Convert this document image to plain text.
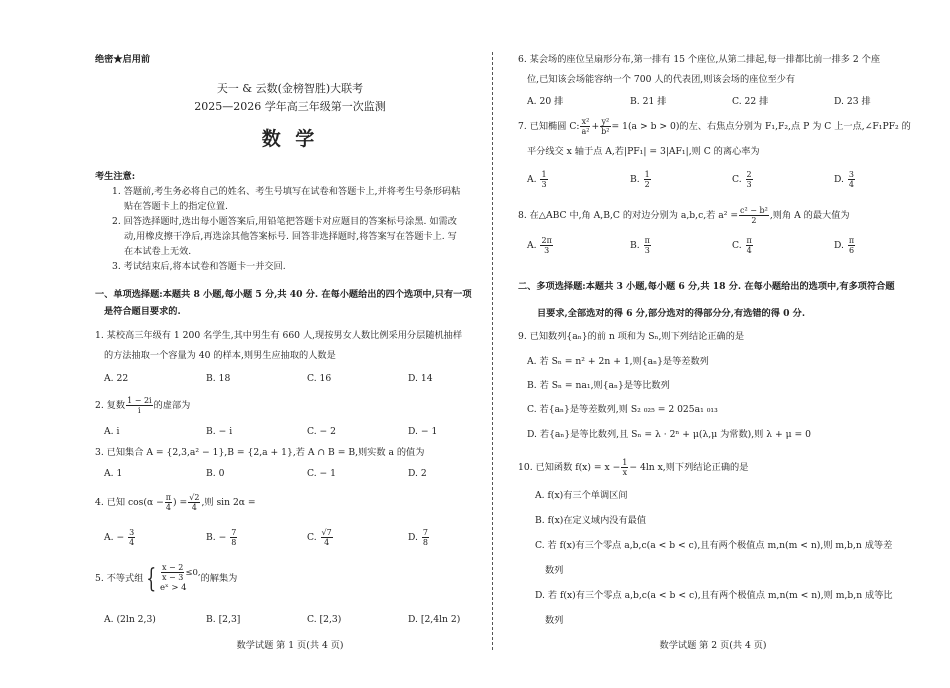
绝密★启用前
天一 & 云数(金榜智胜)大联考
2025—2026 学年高三年级第一次监测
数 学
考生注意:
1. 答题前,考生务必将自己的姓名、考生号填写在试卷和答题卡上,并将考生号条形码粘
贴在答题卡上的指定位置.
2. 回答选择题时,选出每小题答案后,用铅笔把答题卡对应题目的答案标号涂黑. 如需改
动,用橡皮擦干净后,再选涂其他答案标号. 回答非选择题时,将答案写在答题卡上. 写
在本试卷上无效.
3. 考试结束后,将本试卷和答题卡一并交回.
一、单项选择题:本题共 8 小题,每小题 5 分,共 40 分. 在每小题给出的四个选项中,只有一项
是符合题目要求的.
1. 某校高三年级有 1 200 名学生,其中男生有 660 人,现按男女人数比例采用分层随机抽样
的方法抽取一个容量为 40 的样本,则男生应抽取的人数是
A. 22	B. 18	C. 16	D. 14
2. 复数 $\frac{1 - 2i}{i}$ 的虚部为
A. i	B. − i	C. − 2	D. − 1
3. 已知集合 A = {2,3,a² − 1},B = {2,a + 1},若 A ∩ B = B,则实数 a 的值为
A. 1	B. 0	C. − 1	D. 2
4. 已知 $\cos(\alpha - \frac{\pi}{4}$ ) = $\frac{√2}{4}$ ,则 sin 2α =
A. − $\frac{3}{4}$	B. − $\frac{7}{8}$	C. $\frac{√7}{4}$	D. $\frac{7}{8}$
5. 不等式组 { $\frac{x - 2}{x - 3} \le 0$,
eˣ > 4
的解集为
A. (2ln 2,3)	B. [2,3]	C. [2,3)	D. [2,4ln 2)
数学试题 第 1 页(共 4 页)
6. 某会场的座位呈扇形分布,第一排有 15 个座位,从第二排起,每一排都比前一排多 2 个座
位,已知该会场能容纳一个 700 人的代表团,则该会场的座位至少有
A. 20 排	B. 21 排	C. 22 排	D. 23 排
7. 已知椭圆 C: $\frac{\text{x²}}{\text{a²}} + \frac{\text{y²}}{\text{b²}} = 1(a > b > 0)$的左、右焦点分别为 F₁,F₂,点 P 为 C 上一点,∠F₁PF₂ 的
平分线交 x 轴于点 A,若|PF₁| = 3|AF₁|,则 C 的离心率为
A. $\frac{1}{3}$	B. $\frac{1}{2}$	C. $\frac{2}{3}$	D. $\frac{3}{4}$
8. 在△ABC 中,角 A,B,C 的对边分别为 a,b,c,若 $a^2 = \frac{\text{c² − b²}}{2}$ ,则角 A 的最大值为
A. $\frac{2\pi}{3}$	B. $\frac{\pi}{3}$	C. $\frac{\pi}{4}$	D. $\frac{\pi}{6}$
二、多项选择题:本题共 3 小题,每小题 6 分,共 18 分. 在每小题给出的选项中,有多项符合题
目要求,全部选对的得 6 分,部分选对的得部分分,有选错的得 0 分.
9. 已知数列{aₙ}的前 n 项和为 Sₙ,则下列结论正确的是
A. 若 Sₙ = n² + 2n + 1,则{aₙ}是等差数列
B. 若 Sₙ = na₁,则{aₙ}是等比数列
C. 若{aₙ}是等差数列,则 S₂ ₀₂₅ = 2 025a₁ ₀₁₃
D. 若{aₙ}是等比数列,且 Sₙ = λ · 2ⁿ + μ(λ,μ 为常数),则 λ + μ = 0
10. 已知函数 $f(x) = x - \frac{1}{x} - 4\ln$ x,则下列结论正确的是
A. f(x)有三个单调区间
B. f(x)在定义域内没有最值
C. 若 f(x)有三个零点 a,b,c(a < b < c),且有两个极值点 m,n(m < n),则 m,b,n 成等差
数列
D. 若 f(x)有三个零点 a,b,c(a < b < c),且有两个极值点 m,n(m < n),则 m,b,n 成等比
数列
数学试题 第 2 页(共 4 页)
